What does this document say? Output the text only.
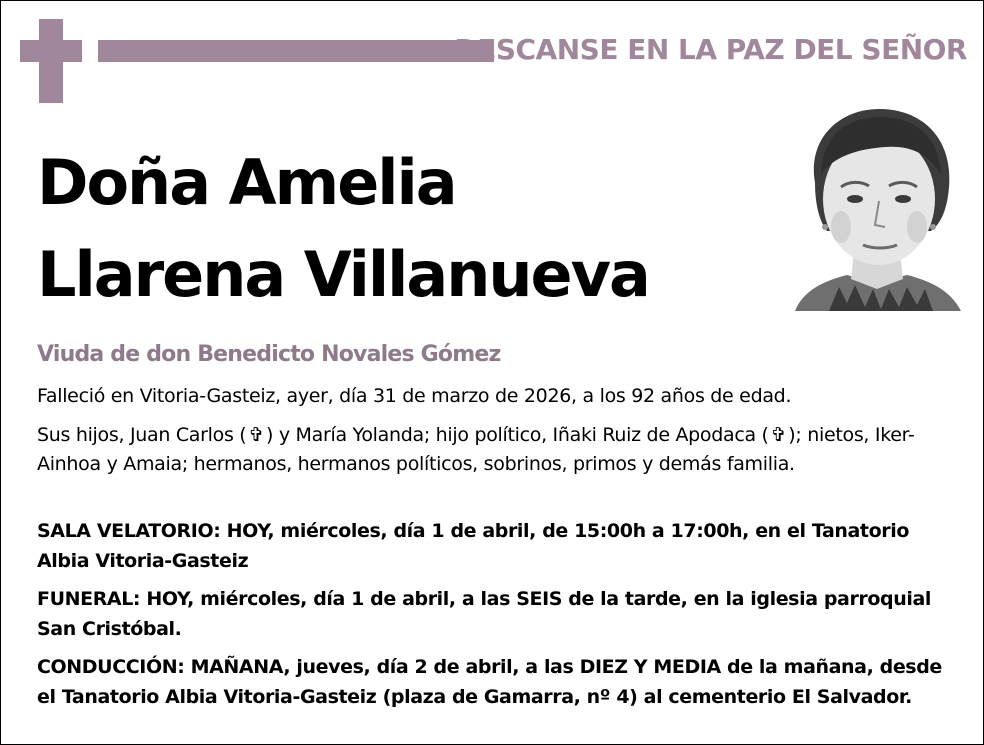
DESCANSE EN LA PAZ DEL SEÑOR
Doña Amelia
Llarena Villanueva
Viuda de don Benedicto Novales Gómez

Falleció en Vitoria-Gasteiz, ayer, día 31 de marzo de 2026, a los 92 años de edad.

Sus hijos, Juan Carlos ( ✞ ) y María Yolanda; hijo político, Iñaki Ruiz de Apodaca ( ✞ ); nietos, Iker-Ainhoa y Amaia; hermanos, hermanos políticos, sobrinos, primos y demás familia.

SALA VELATORIO: HOY, miércoles, día 1 de abril, de 15:00h a 17:00h, en el Tanatorio Albia Vitoria-Gasteiz

FUNERAL: HOY, miércoles, día 1 de abril, a las SEIS de la tarde, en la iglesia parroquial San Cristóbal.

CONDUCCIÓN: MAÑANA, jueves, día 2 de abril, a las DIEZ Y MEDIA de la mañana, desde el Tanatorio Albia Vitoria-Gasteiz (plaza de Gamarra, nº 4) al cementerio El Salvador.
